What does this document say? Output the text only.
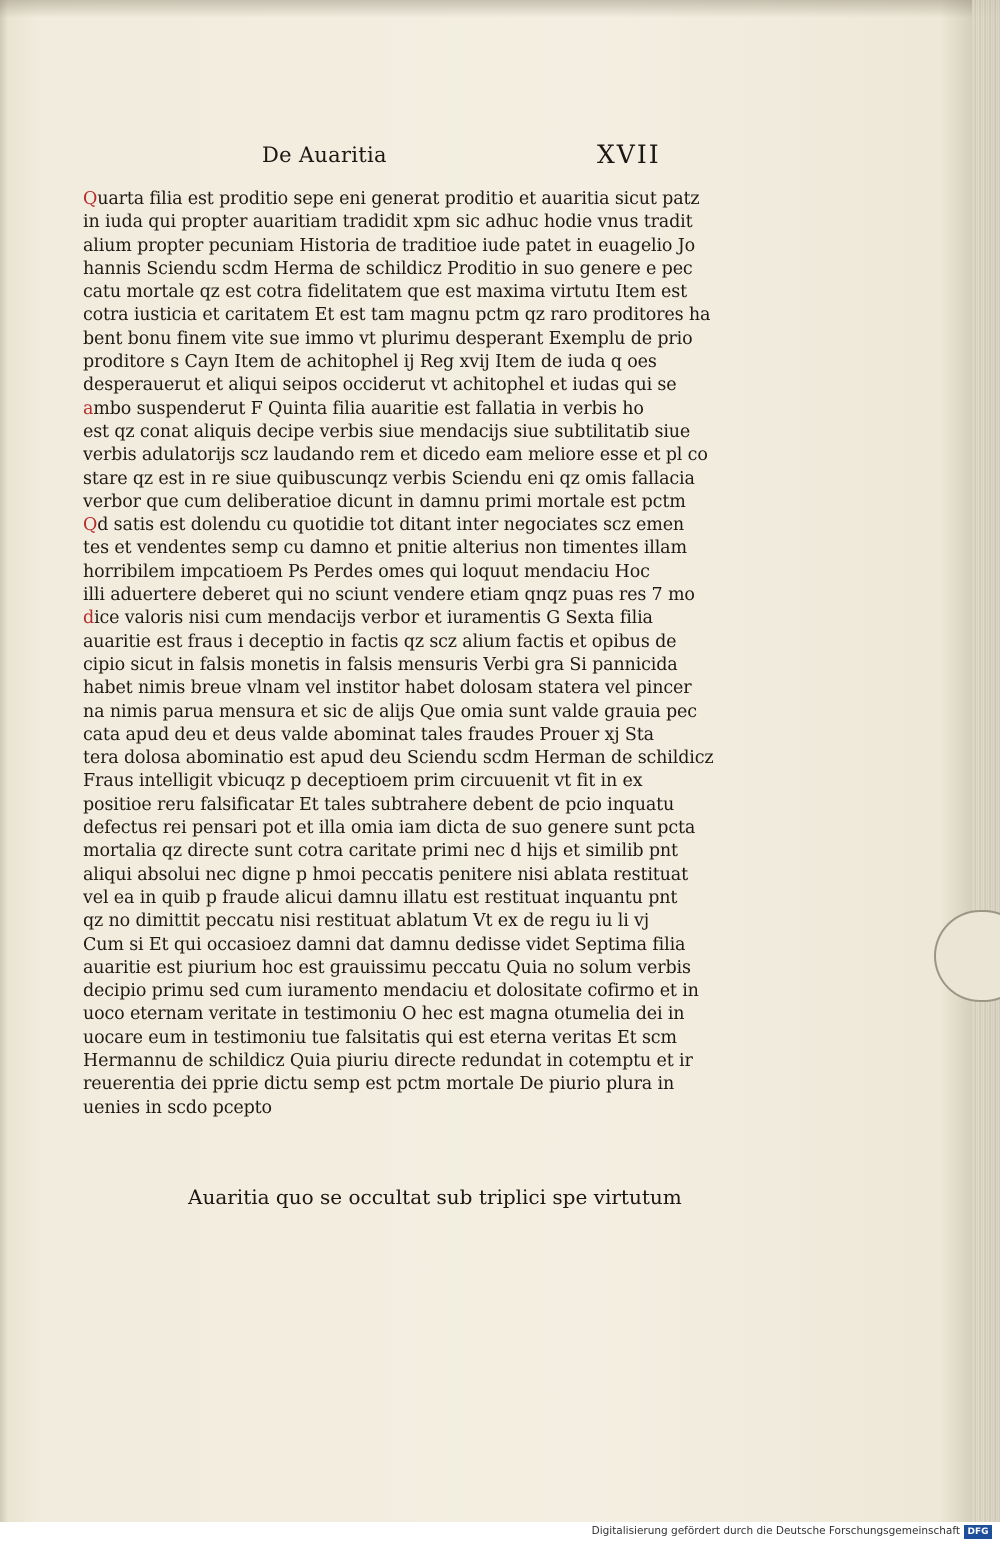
De Auaritia	XVII
Quarta filia est proditio sepe eni generat proditio et auaritia sicut patz
in iuda qui propter auaritiam tradidit xpm sic adhuc hodie vnus tradit
alium propter pecuniam Historia de traditioe iude patet in euagelio Jo
hannis Sciendu scdm Herma de schildicz Proditio in suo genere e pec
catu mortale qz est cotra fidelitatem que est maxima virtutu Item est
cotra iusticia et caritatem Et est tam magnu pctm qz raro proditores ha
bent bonu finem vite sue immo vt plurimu desperant Exemplu de prio
proditore s Cayn Item de achitophel ij Reg xvij Item de iuda q oes
desperauerut et aliqui seipos occiderut vt achitophel et iudas qui se
ambo suspenderut F Quinta filia auaritie est fallatia in verbis ho
est qz conat aliquis decipe verbis siue mendacijs siue subtilitatib siue
verbis adulatorijs scz laudando rem et dicedo eam meliore esse et pl co
stare qz est in re siue quibuscunqz verbis Sciendu eni qz omis fallacia
verbor que cum deliberatioe dicunt in damnu primi mortale est pctm
Qd satis est dolendu cu quotidie tot ditant inter negociates scz emen
tes et vendentes semp cu damno et pnitie alterius non timentes illam
horribilem impcatioem Ps Perdes omes qui loquut mendaciu Hoc
illi aduertere deberet qui no sciunt vendere etiam qnqz puas res 7 mo
dice valoris nisi cum mendacijs verbor et iuramentis G Sexta filia
auaritie est fraus i deceptio in factis qz scz alium factis et opibus de
cipio sicut in falsis monetis in falsis mensuris Verbi gra Si pannicida
habet nimis breue vlnam vel institor habet dolosam statera vel pincer
na nimis parua mensura et sic de alijs Que omia sunt valde grauia pec
cata apud deu et deus valde abominat tales fraudes Prouer xj Sta
tera dolosa abominatio est apud deu Sciendu scdm Herman de schildicz
Fraus intelligit vbicuqz p deceptioem prim circuuenit vt fit in ex
positioe reru falsificatar Et tales subtrahere debent de pcio inquatu
defectus rei pensari pot et illa omia iam dicta de suo genere sunt pcta
mortalia qz directe sunt cotra caritate primi nec d hijs et similib pnt
aliqui absolui nec digne p hmoi peccatis penitere nisi ablata restituat
vel ea in quib p fraude alicui damnu illatu est restituat inquantu pnt
qz no dimittit peccatu nisi restituat ablatum Vt ex de regu iu li vj
Cum si Et qui occasioez damni dat damnu dedisse videt Septima filia
auaritie est piurium hoc est grauissimu peccatu Quia no solum verbis
decipio primu sed cum iuramento mendaciu et dolositate cofirmo et in
uoco eternam veritate in testimoniu O hec est magna otumelia dei in
uocare eum in testimoniu tue falsitatis qui est eterna veritas Et scm
Hermannu de schildicz Quia piuriu directe redundat in cotemptu et ir
reuerentia dei pprie dictu semp est pctm mortale De piurio plura in
uenies in scdo pcepto
Auaritia quo se occultat sub triplici spe virtutum
Digitalisierung gefördert durch die Deutsche Forschungsgemeinschaft DFG
